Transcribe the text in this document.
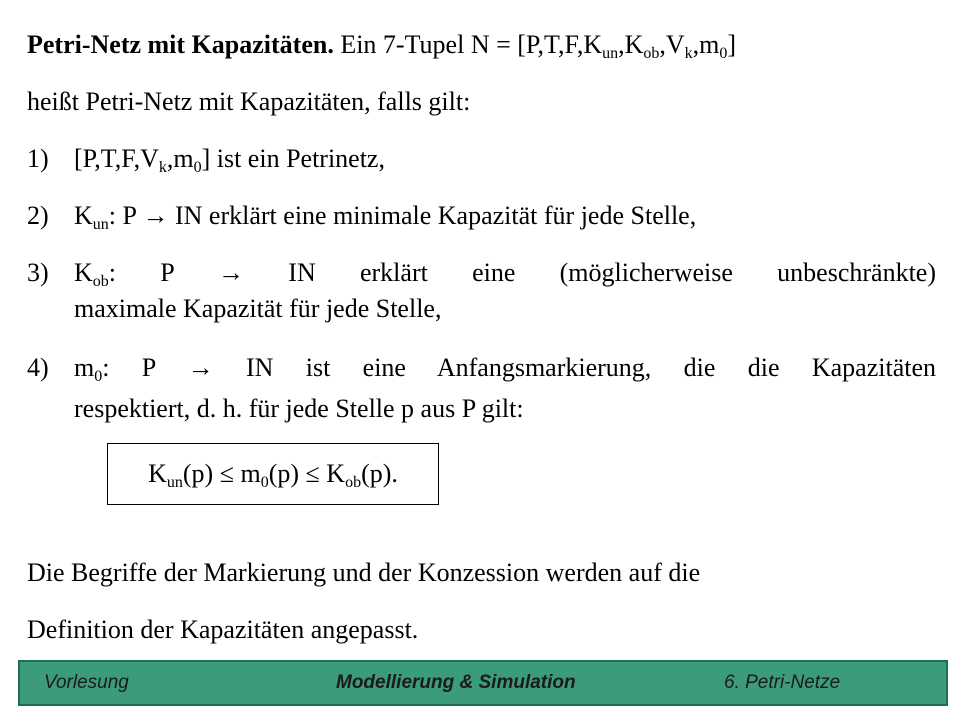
Petri-Netz mit Kapazitäten. Ein 7-Tupel $N = [P,T,F,K_{un},K_{ob},V_k,m_0]$
heißt Petri-Netz mit Kapazitäten, falls gilt:
1) $[P,T,F,V_k,m_0]$ ist ein Petrinetz,
2) $K_{un}$: P → IN erklärt eine minimale Kapazität für jede Stelle,
3) $K_{ob}$: P → IN erklärt eine (möglicherweise unbeschränkte)
maximale Kapazität für jede Stelle,
4) $m_0$: P → IN ist eine Anfangsmarkierung, die die Kapazitäten
respektiert, d. h. für jede Stelle p aus P gilt:
$K_{un}(p) \le m_0(p) \le K_{ob}(p)$.
Die Begriffe der Markierung und der Konzession werden auf die
Definition der Kapazitäten angepasst.
Vorlesung	Modellierung & Simulation	6. Petri-Netze
